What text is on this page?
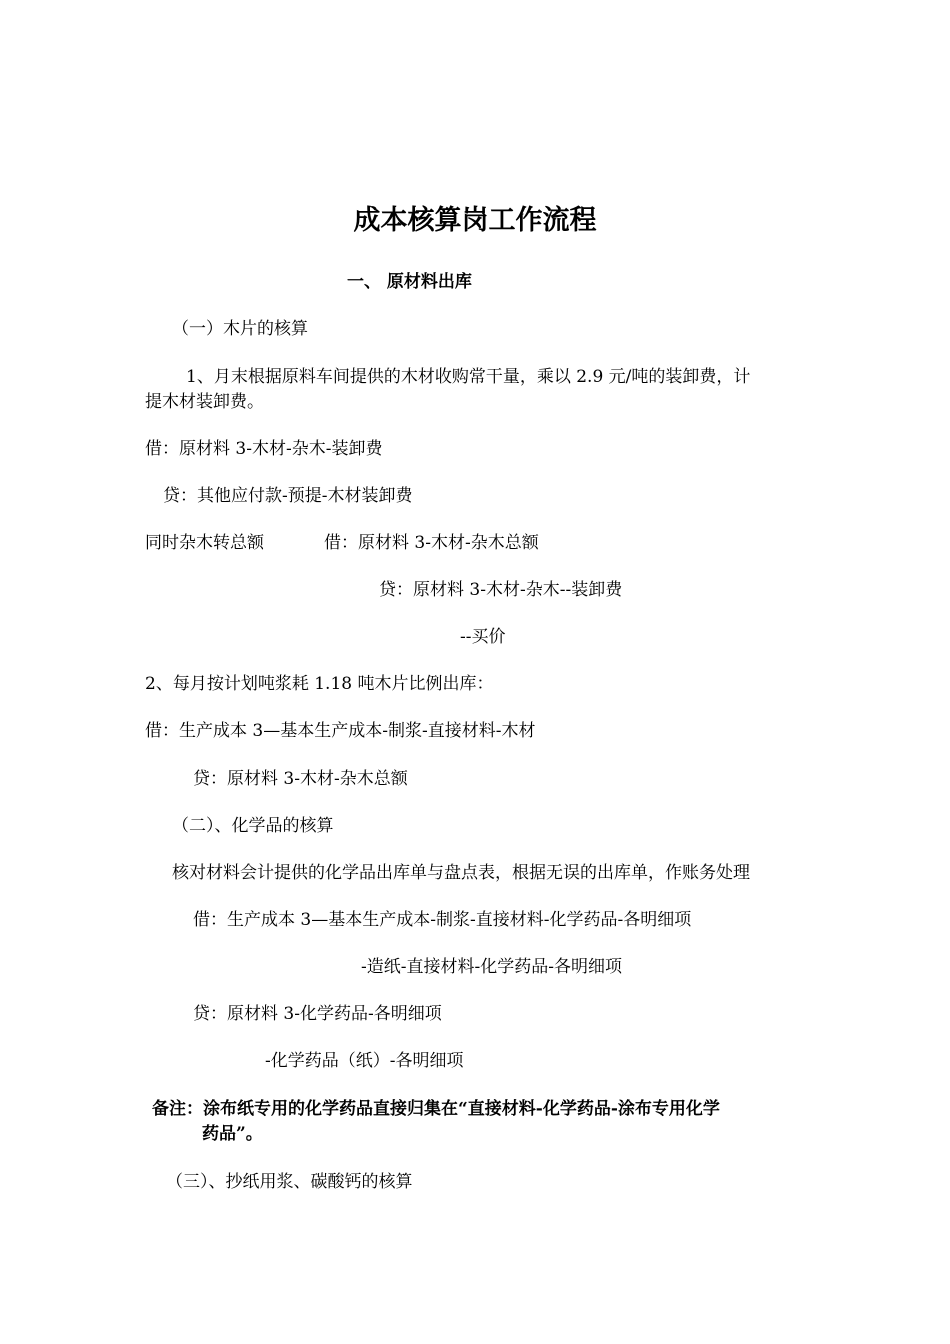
成本核算岗工作流程
一、 原材料出库
（一）木片的核算
1、月末根据原料车间提供的木材收购常干量，乘以 2.9 元/吨的装卸费，计
提木材装卸费。
借：原材料 3-木材-杂木-装卸费
贷：其他应付款-预提-木材装卸费
同时杂木转总额	借：原材料 3-木材-杂木总额
贷：原材料 3-木材-杂木--装卸费
--买价
2、每月按计划吨浆耗 1.18 吨木片比例出库：
借：生产成本 3—基本生产成本-制浆-直接材料-木材
贷：原材料 3-木材-杂木总额
（二）、化学品的核算
核对材料会计提供的化学品出库单与盘点表，根据无误的出库单，作账务处理
借：生产成本 3—基本生产成本-制浆-直接材料-化学药品-各明细项
-造纸-直接材料-化学药品-各明细项
贷：原材料 3-化学药品-各明细项
-化学药品（纸）-各明细项
备注：涂布纸专用的化学药品直接归集在“直接材料-化学药品-涂布专用化学
药品”。
（三）、抄纸用浆、碳酸钙的核算
